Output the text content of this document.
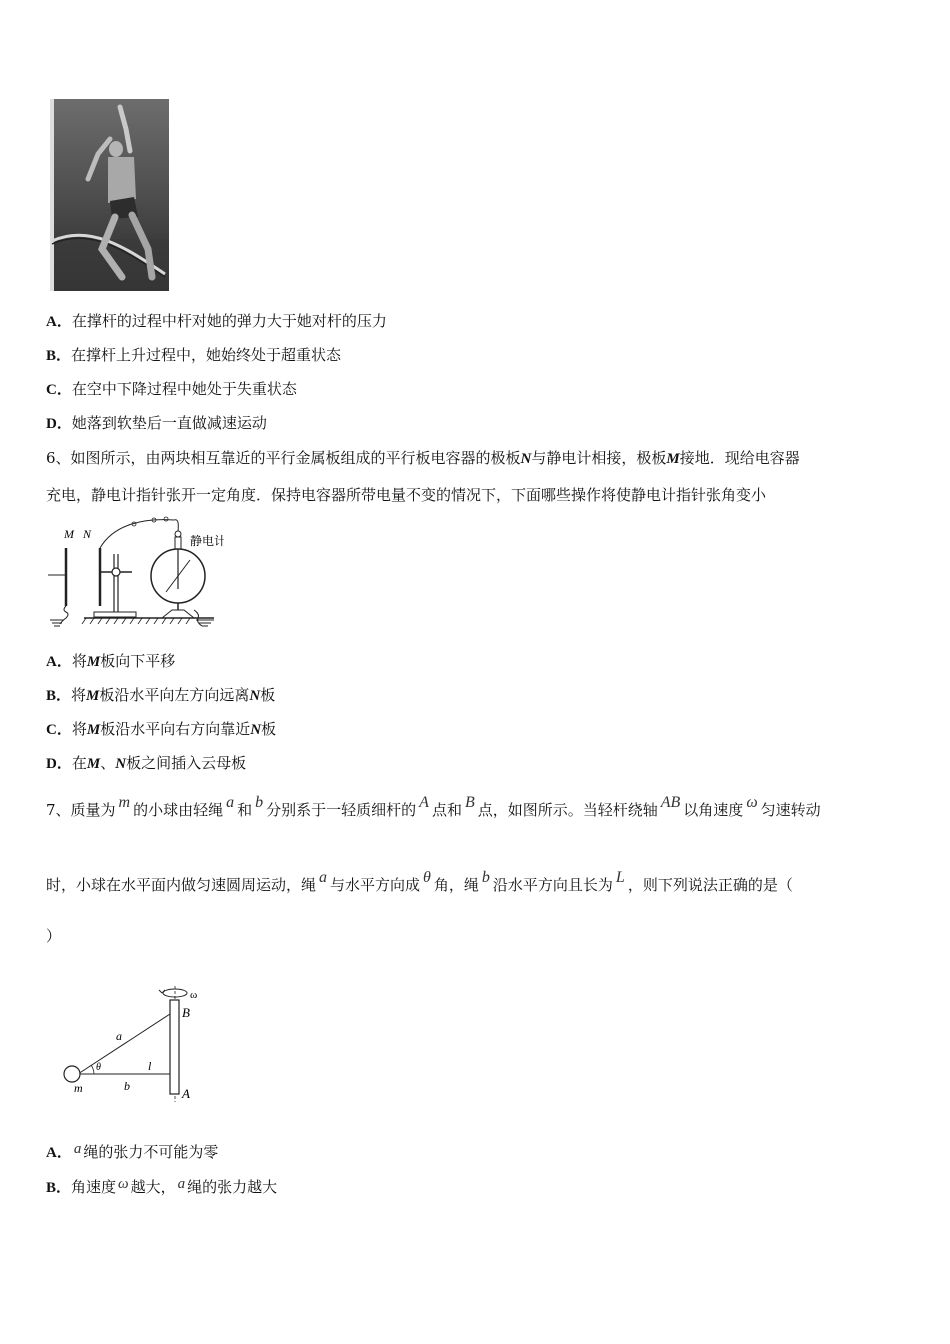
A．在撑杆的过程中杆对她的弹力大于她对杆的压力
B．在撑杆上升过程中，她始终处于超重状态
C．在空中下降过程中她处于失重状态
D．她落到软垫后一直做减速运动
6、如图所示，由两块相互靠近的平行金属板组成的平行板电容器的极板N与静电计相接，极板M接地．现给电容器
充电，静电计指针张开一定角度．保持电容器所带电量不变的情况下，下面哪些操作将使静电计指针张角变小
M N	静电计
A．将M板向下平移
B．将M板沿水平向左方向远离N板
C．将M板沿水平向右方向靠近N板
D．在M、N板之间插入云母板
7、质量为 m 的小球由轻绳 a 和 b 分别系于一轻质细杆的 A 点和 B 点，如图所示。当轻杆绕轴 AB 以角速度 ω 匀速转动
时，小球在水平面内做匀速圆周运动，绳 a 与水平方向成 θ 角，绳 b 沿水平方向且长为 L ，则下列说法正确的是（
）
ω
B
A
a
θ
b
l
m
A． a 绳的张力不可能为零
B．角速度 ω 越大， a 绳的张力越大
